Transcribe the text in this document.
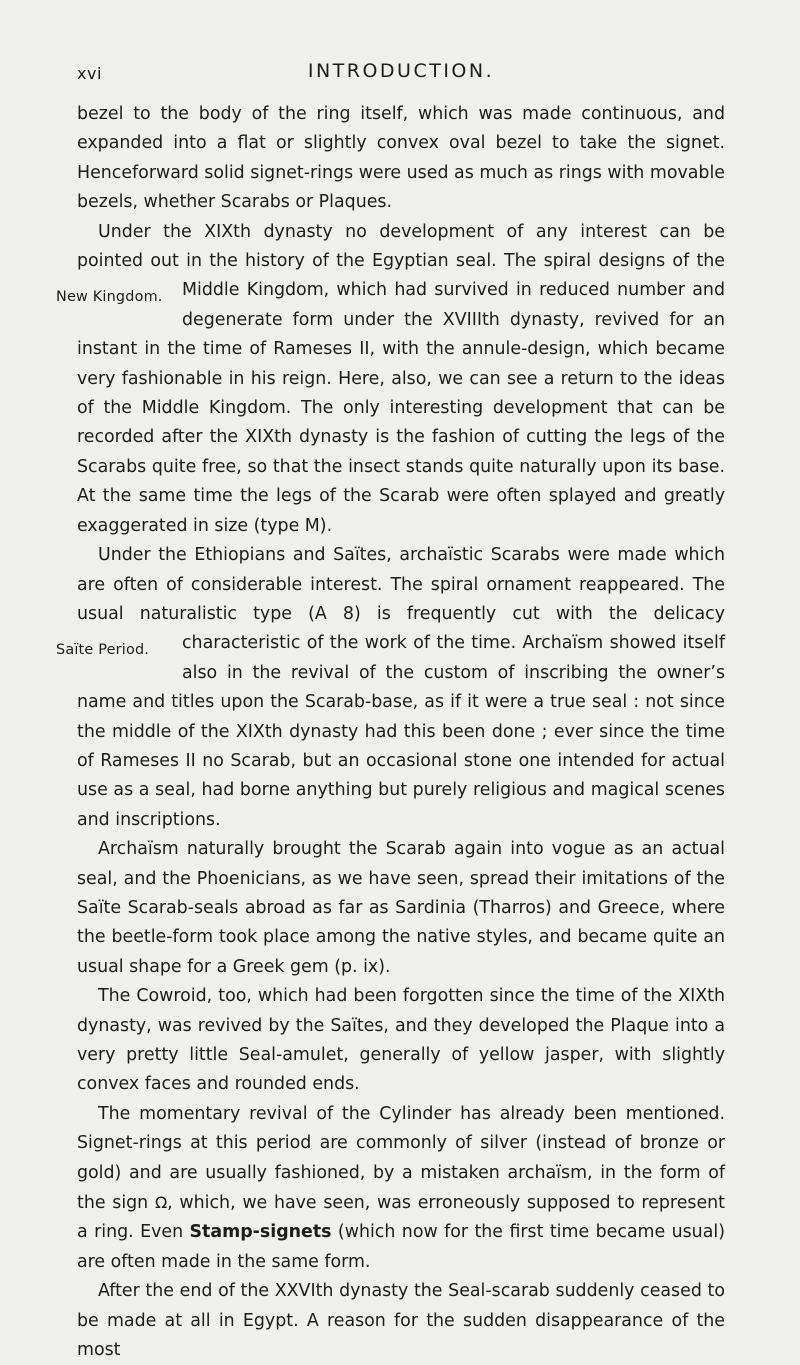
xvi	INTRODUCTION.

bezel to the body of the ring itself, which was made continuous, and expanded into a flat or slightly convex oval bezel to take the signet. Henceforward solid signet-rings were used as much as rings with movable bezels, whether Scarabs or Plaques.

Under the XIXth dynasty no development of any interest can be pointed out in the history of the Egyptian seal. The spiral designs of the Middle
New Kingdom.	Kingdom, which had survived in reduced number and degenerate form under the XVIIIth dynasty, revived for an instant in the time of Rameses II, with the annule-design, which became very fashionable in his reign. Here, also, we can see a return to the ideas of the Middle Kingdom. The only interesting development that can be recorded after the XIXth dynasty is the fashion of cutting the legs of the Scarabs quite free, so that the insect stands quite naturally upon its base. At the same time the legs of the Scarab were often splayed and greatly exaggerated in size (type M).

Under the Ethiopians and Saïtes, archaïstic Scarabs were made which are often of considerable interest. The spiral ornament reappeared. The usual naturalistic type (A 8) is frequently cut with the delicacy characteristic of the
Saïte Period.	work of the time. Archaïsm showed itself also in the revival of the custom of inscribing the owner’s name and titles upon the Scarab-base, as if it were a true seal : not since the middle of the XIXth dynasty had this been done ; ever since the time of Rameses II no Scarab, but an occasional stone one intended for actual use as a seal, had borne anything but purely religious and magical scenes and inscriptions.

Archaïsm naturally brought the Scarab again into vogue as an actual seal, and the Phoenicians, as we have seen, spread their imitations of the Saïte Scarab-seals abroad as far as Sardinia (Tharros) and Greece, where the beetle-form took place among the native styles, and became quite an usual shape for a Greek gem (p. ix).

The Cowroid, too, which had been forgotten since the time of the XIXth dynasty, was revived by the Saïtes, and they developed the Plaque into a very pretty little Seal-amulet, generally of yellow jasper, with slightly convex faces and rounded ends.

The momentary revival of the Cylinder has already been mentioned. Signet-rings at this period are commonly of silver (instead of bronze or gold) and are usually fashioned, by a mistaken archaïsm, in the form of the sign Ω, which, we have seen, was erroneously supposed to represent a ring. Even Stamp-signets (which now for the first time became usual) are often made in the same form.

After the end of the XXVIth dynasty the Seal-scarab suddenly ceased to be made at all in Egypt. A reason for the sudden disappearance of the most
